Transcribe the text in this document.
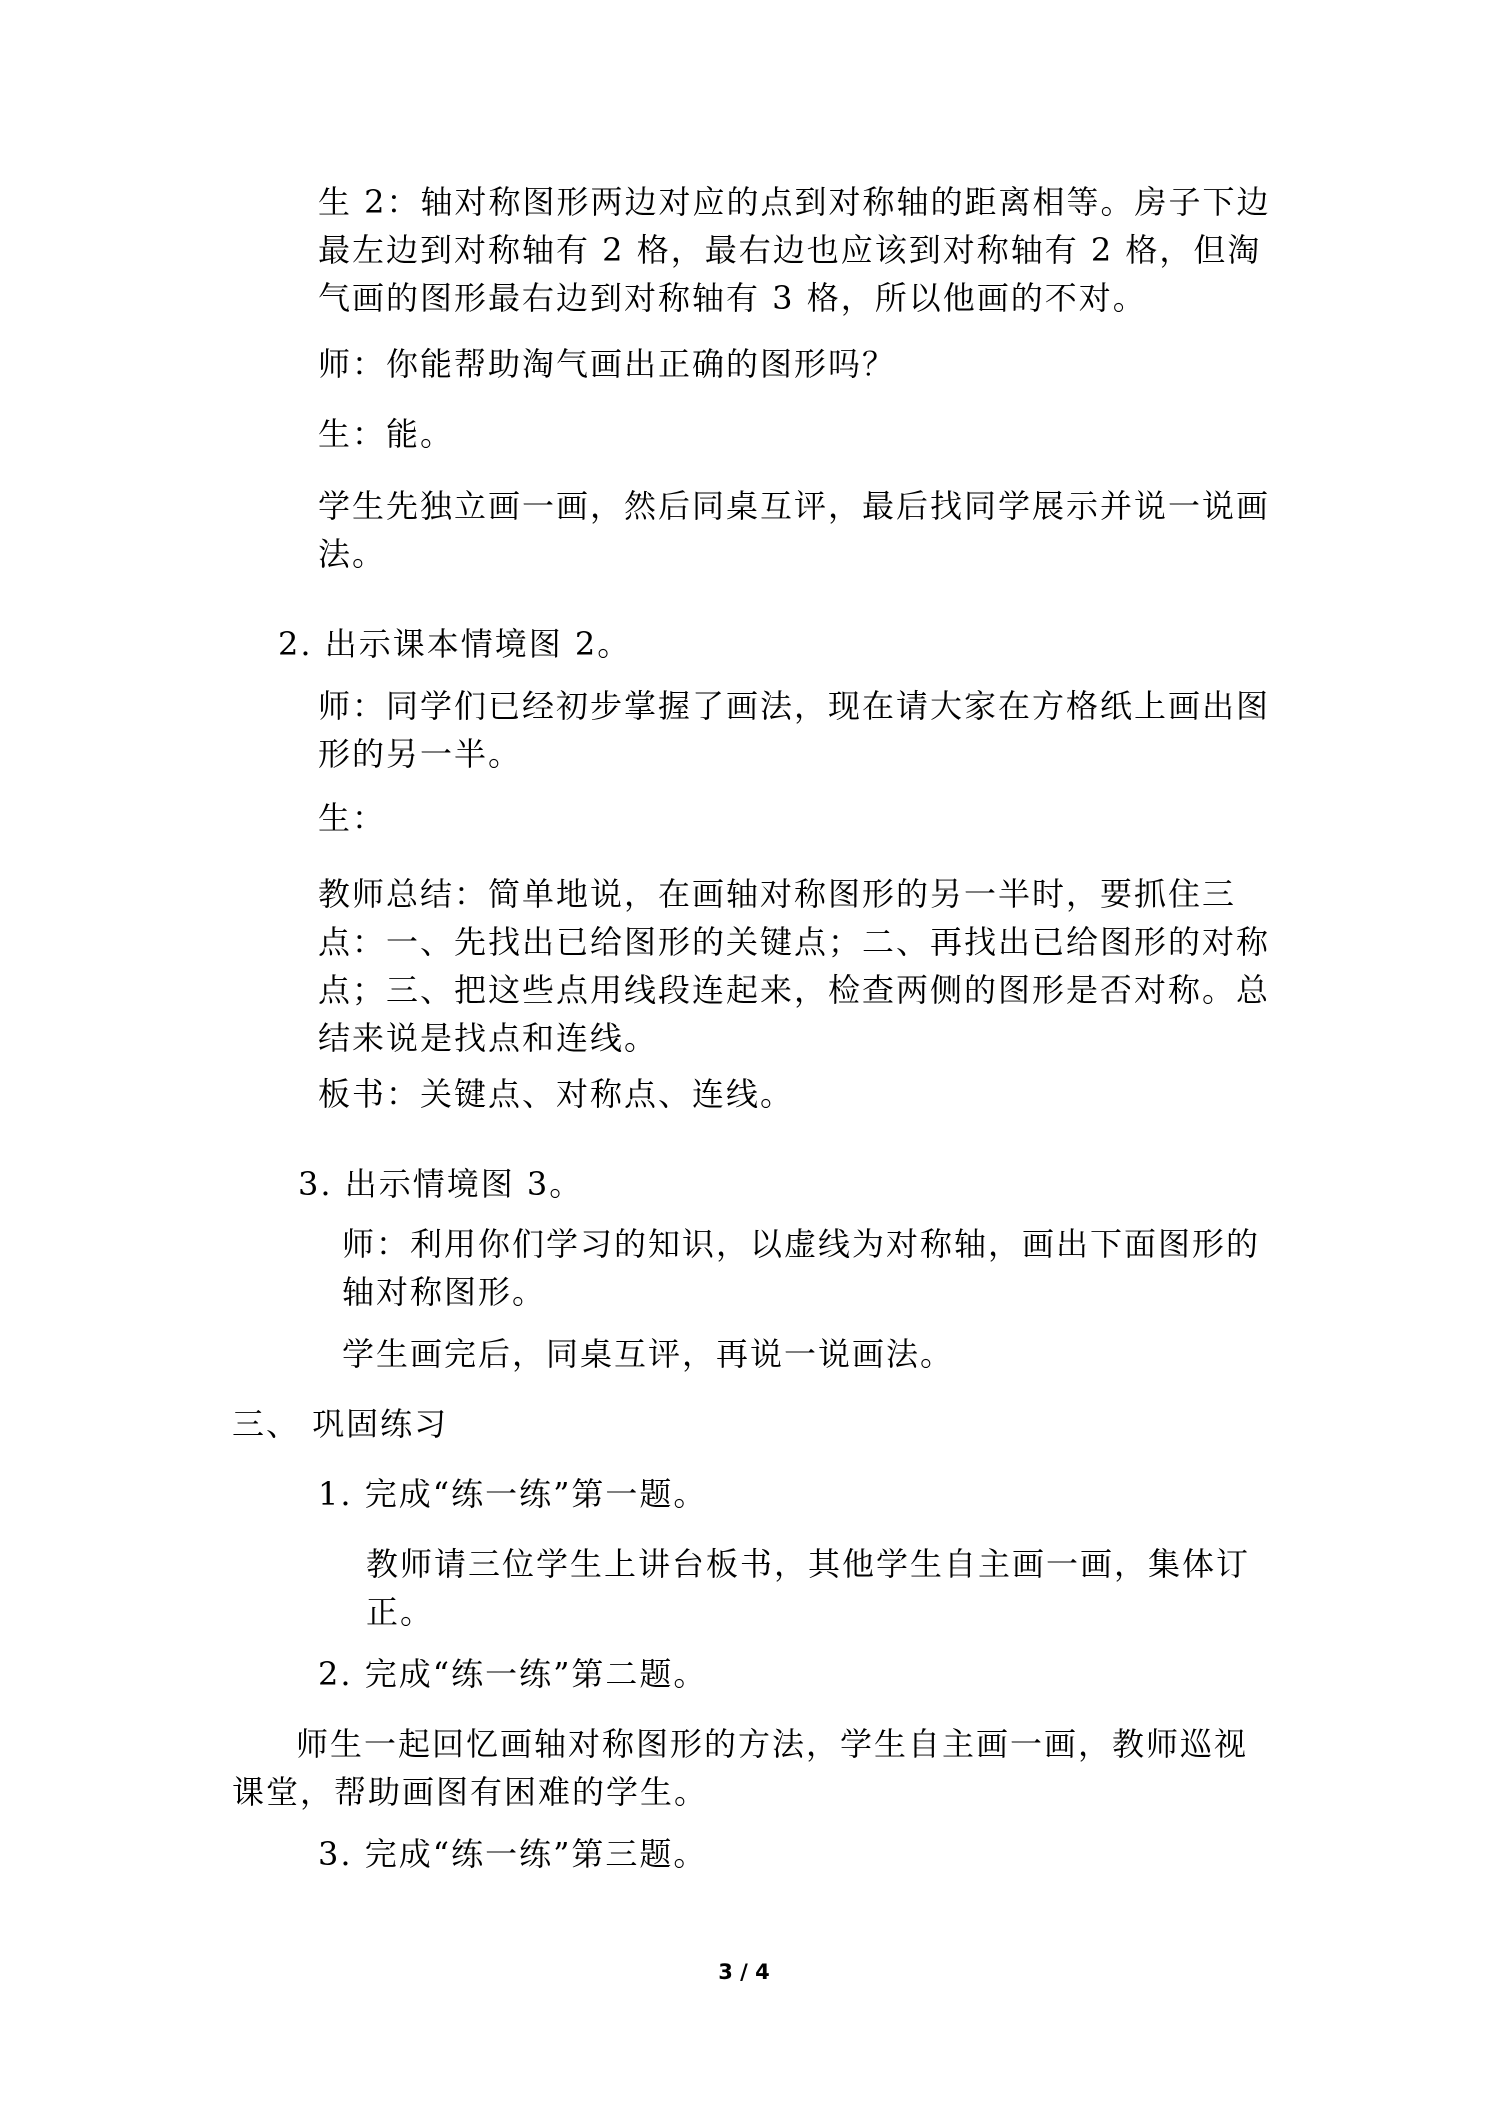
生 2：轴对称图形两边对应的点到对称轴的距离相等。房子下边最左边到对称轴有 2 格，最右边也应该到对称轴有 2 格，但淘气画的图形最右边到对称轴有 3 格，所以他画的不对。

师：你能帮助淘气画出正确的图形吗？

生：能。

学生先独立画一画，然后同桌互评，最后找同学展示并说一说画法。

2. 出示课本情境图 2。

师：同学们已经初步掌握了画法，现在请大家在方格纸上画出图形的另一半。

生：

教师总结：简单地说，在画轴对称图形的另一半时，要抓住三点：一、先找出已给图形的关键点；二、再找出已给图形的对称点；三、把这些点用线段连起来，检查两侧的图形是否对称。总结来说是找点和连线。

板书：关键点、对称点、连线。

3. 出示情境图 3。

师：利用你们学习的知识，以虚线为对称轴，画出下面图形的轴对称图形。

学生画完后，同桌互评，再说一说画法。

三、 巩固练习

1. 完成“练一练”第一题。

教师请三位学生上讲台板书，其他学生自主画一画，集体订正。

2. 完成“练一练”第二题。

师生一起回忆画轴对称图形的方法，学生自主画一画，教师巡视课堂，帮助画图有困难的学生。

3. 完成“练一练”第三题。

3 / 4
